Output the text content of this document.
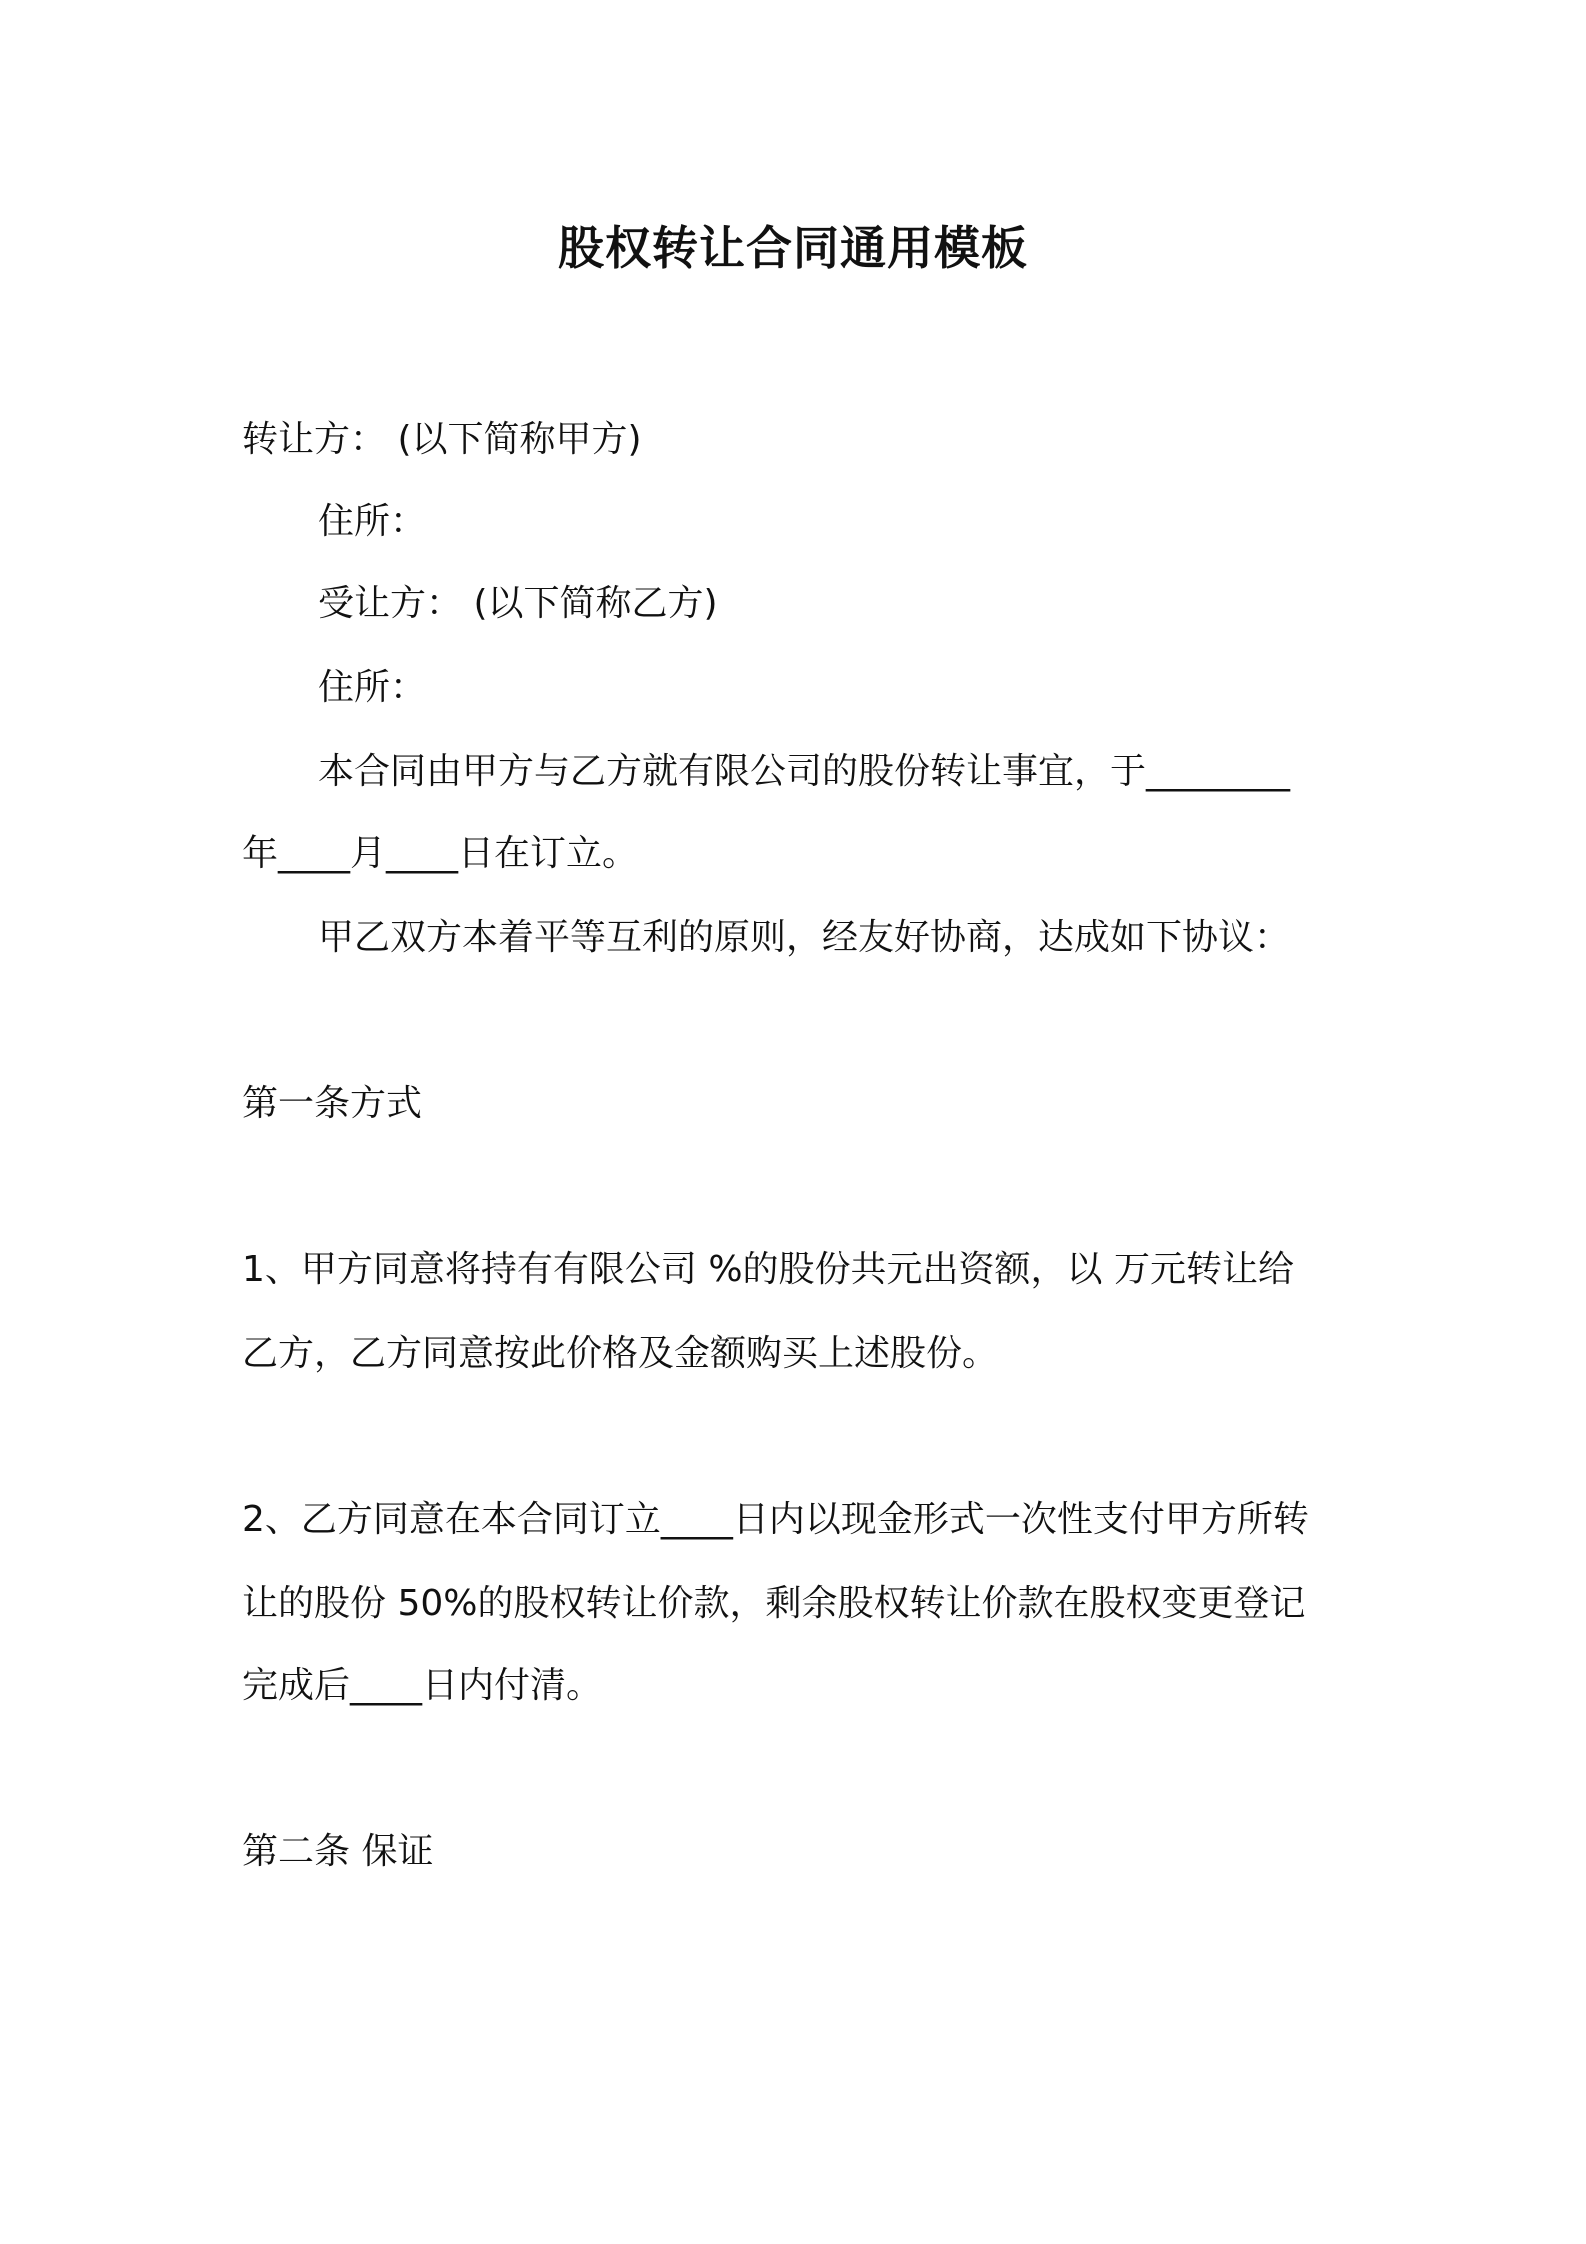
股权转让合同通用模板

转让方： (以下简称甲方)

住所：

受让方： (以下简称乙方)

住所：

本合同由甲方与乙方就有限公司的股份转让事宜，于________

年____月____日在订立。

甲乙双方本着平等互利的原则，经友好协商，达成如下协议：

第一条方式

1、甲方同意将持有有限公司 %的股份共元出资额，以 万元转让给

乙方，乙方同意按此价格及金额购买上述股份。

2、乙方同意在本合同订立____日内以现金形式一次性支付甲方所转

让的股份 50%的股权转让价款，剩余股权转让价款在股权变更登记

完成后____日内付清。

第二条 保证
